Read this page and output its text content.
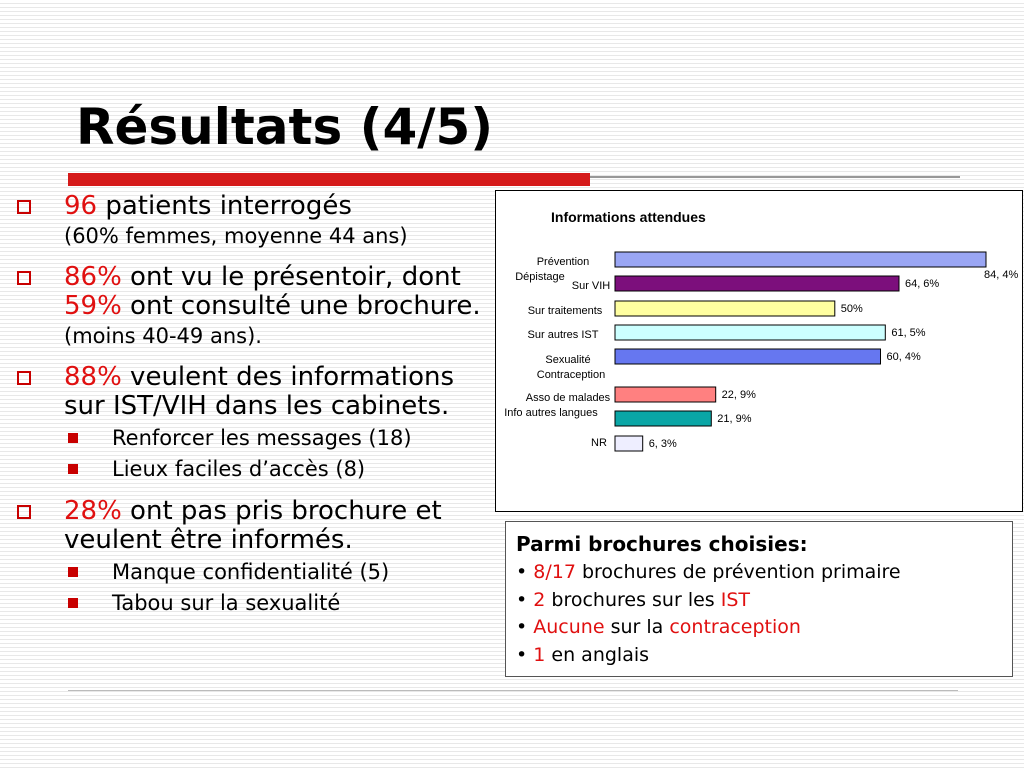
Résultats (4/5)
96 patients interrogés
(60% femmes, moyenne 44 ans)
86% ont vu le présentoir, dont 59% ont consulté une brochure. (moins 40-49 ans).
88% veulent des informations sur IST/VIH dans les cabinets.
Renforcer les messages (18)
Lieux faciles d’accès (8)
28% ont pas pris brochure et veulent être informés.
Manque confidentialité (5)
Tabou sur la sexualité
Informations attendues
Prévention
Dépistage
Sur VIH
Sur traitements
Sur autres IST
Sexualité
Contraception
Asso de malades
Info autres langues
NR
84, 4%
64, 6%
50%
61, 5%
60, 4%
22, 9%
21, 9%
6, 3%
Parmi brochures choisies:
• 8/17 brochures de prévention primaire
• 2 brochures sur les IST
• Aucune sur la contraception
• 1 en anglais
